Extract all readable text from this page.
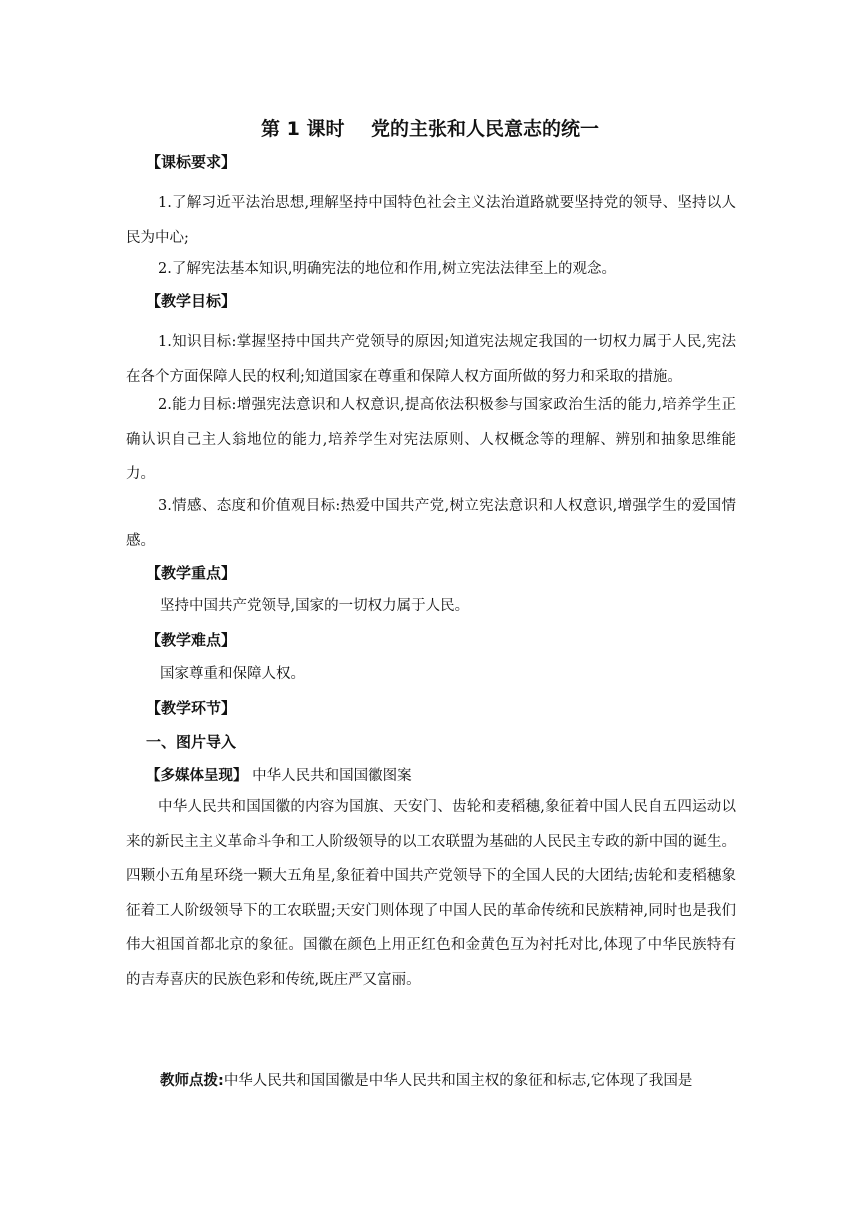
第 1 课时    党的主张和人民意志的统一
【课标要求】
1.了解习近平法治思想,理解坚持中国特色社会主义法治道路就要坚持党的领导、坚持以人民为中心;
2.了解宪法基本知识,明确宪法的地位和作用,树立宪法法律至上的观念。
【教学目标】
1.知识目标:掌握坚持中国共产党领导的原因;知道宪法规定我国的一切权力属于人民,宪法在各个方面保障人民的权利;知道国家在尊重和保障人权方面所做的努力和采取的措施。
2.能力目标:增强宪法意识和人权意识,提高依法积极参与国家政治生活的能力,培养学生正确认识自己主人翁地位的能力,培养学生对宪法原则、人权概念等的理解、辨别和抽象思维能力。
3.情感、态度和价值观目标:热爱中国共产党,树立宪法意识和人权意识,增强学生的爱国情感。
【教学重点】
坚持中国共产党领导,国家的一切权力属于人民。
【教学难点】
国家尊重和保障人权。
【教学环节】
一、图片导入
【多媒体呈现】 中华人民共和国国徽图案
中华人民共和国国徽的内容为国旗、天安门、齿轮和麦稻穗,象征着中国人民自五四运动以来的新民主主义革命斗争和工人阶级领导的以工农联盟为基础的人民民主专政的新中国的诞生。四颗小五角星环绕一颗大五角星,象征着中国共产党领导下的全国人民的大团结;齿轮和麦稻穗象征着工人阶级领导下的工农联盟;天安门则体现了中国人民的革命传统和民族精神,同时也是我们伟大祖国首都北京的象征。国徽在颜色上用正红色和金黄色互为衬托对比,体现了中华民族特有的吉寿喜庆的民族色彩和传统,既庄严又富丽。
教师点拨:中华人民共和国国徽是中华人民共和国主权的象征和标志,它体现了我国是
